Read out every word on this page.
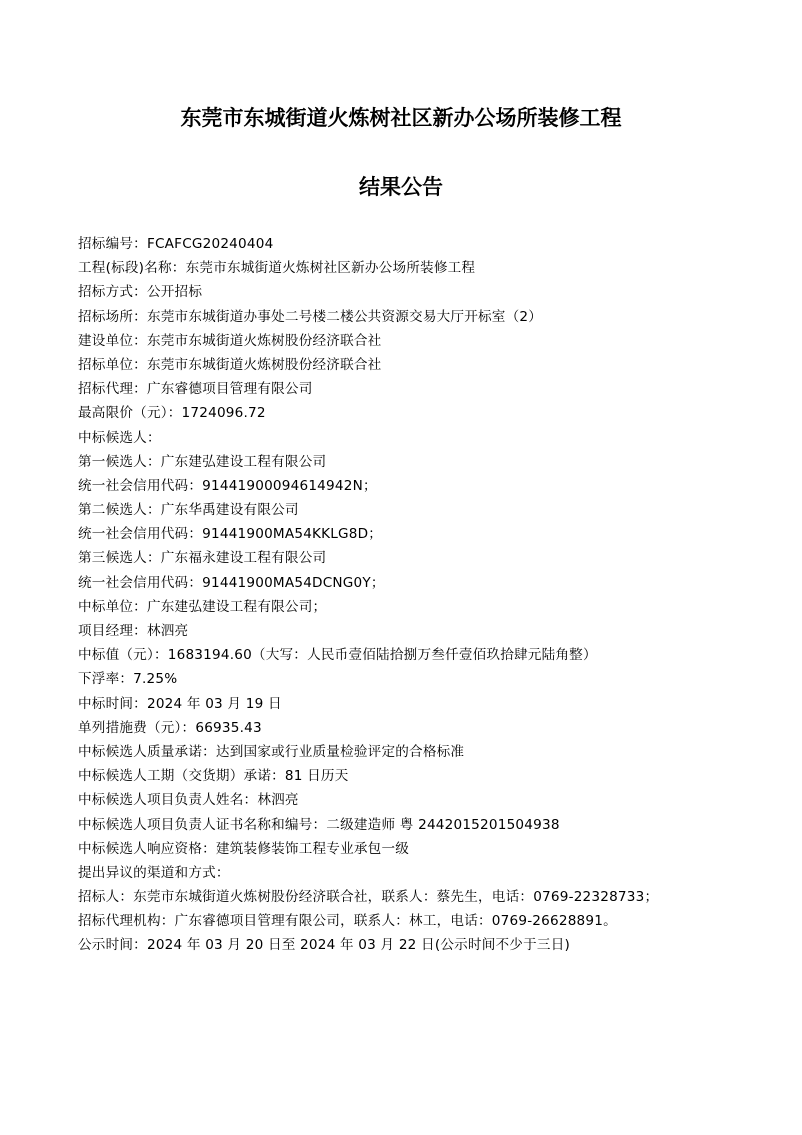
东莞市东城街道火炼树社区新办公场所装修工程
结果公告
招标编号：FCAFCG20240404
工程(标段)名称：东莞市东城街道火炼树社区新办公场所装修工程
招标方式：公开招标
招标场所：东莞市东城街道办事处二号楼二楼公共资源交易大厅开标室（2）
建设单位：东莞市东城街道火炼树股份经济联合社
招标单位：东莞市东城街道火炼树股份经济联合社
招标代理：广东睿德项目管理有限公司
最高限价（元）：1724096.72
中标候选人：
第一候选人：广东建弘建设工程有限公司
统一社会信用代码：91441900094614942N；
第二候选人：广东华禹建设有限公司
统一社会信用代码：91441900MA54KKLG8D；
第三候选人：广东福永建设工程有限公司
统一社会信用代码：91441900MA54DCNG0Y；
中标单位：广东建弘建设工程有限公司；
项目经理：林泗亮
中标值（元）：1683194.60（大写：人民币壹佰陆拾捌万叁仟壹佰玖拾肆元陆角整）
下浮率：7.25%
中标时间：2024 年 03 月 19 日
单列措施费（元）：66935.43
中标候选人质量承诺：达到国家或行业质量检验评定的合格标准
中标候选人工期（交货期）承诺：81 日历天
中标候选人项目负责人姓名：林泗亮
中标候选人项目负责人证书名称和编号：二级建造师 粤 2442015201504938
中标候选人响应资格：建筑装修装饰工程专业承包一级
提出异议的渠道和方式：
招标人：东莞市东城街道火炼树股份经济联合社，联系人：蔡先生，电话：0769-22328733；
招标代理机构：广东睿德项目管理有限公司，联系人：林工，电话：0769-26628891。
公示时间：2024 年 03 月 20 日至 2024 年 03 月 22 日(公示时间不少于三日)
